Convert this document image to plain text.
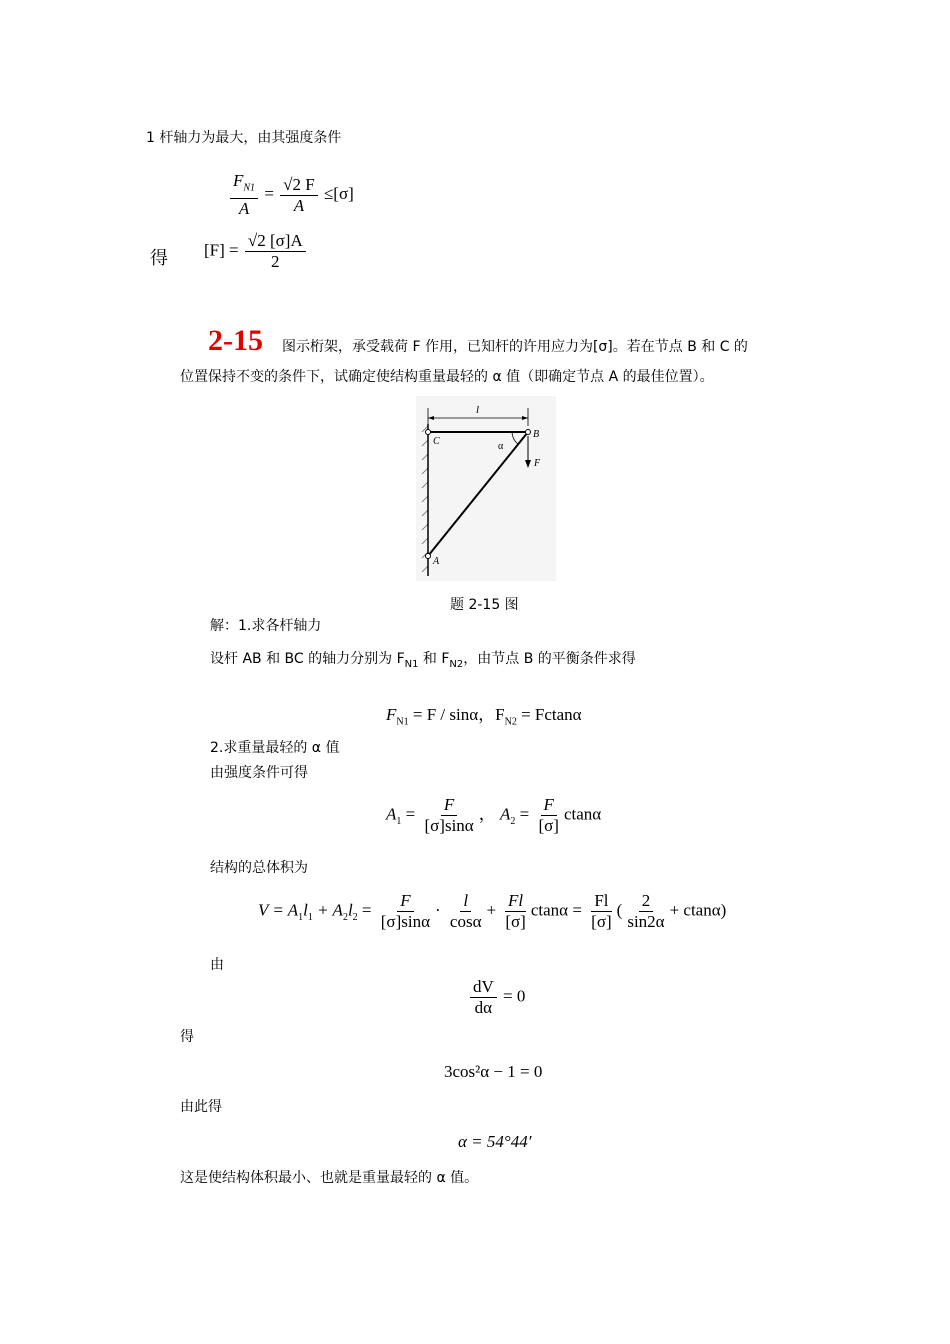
1 杆轴力为最大，由其强度条件
$\frac{F_{N1}}{A} = \frac{√2 F}{A} \le[\sigma]$
得 $[F] = \frac{√2 [\sigma]A}{2}$
2-15 图示桁架，承受载荷 F 作用，已知杆的许用应力为[σ]。若在节点 B 和 C 的
位置保持不变的条件下，试确定使结构重量最轻的 α 值（即确定节点 A 的最佳位置）。
l
C
B
α
F
A
题 2-15 图
解：1.求各杆轴力
设杆 AB 和 BC 的轴力分别为 $F_{N1}$ 和 $F_{N2}$，由节点 B 的平衡条件求得
$F_{N1} = F / \sin\alpha$，$F_{N2} = Fctan\alpha$
2.求重量最轻的 α 值
由强度条件可得
$A_1 = \frac{F}{[\sigma]\sin\alpha}$ ， $A_2 = \frac{F}{[\sigma]}$ ctanα
结构的总体积为
$V = A_1l_1 + A_2l_2 = \frac{F}{[\sigma]\sin\alpha} \cdot \frac{l}{\cos\alpha} + \frac{Fl}{[\sigma]}$ $ctan\alpha = \frac{Fl}{[\sigma]}$ ( $\frac{2}{\sin 2\alpha} + ctan\alpha$)
由
$\frac{dV}{d\alpha} = 0$
得
3cos²α − 1 = 0
由此得
α = 54°44′
这是使结构体积最小、也就是重量最轻的 α 值。
